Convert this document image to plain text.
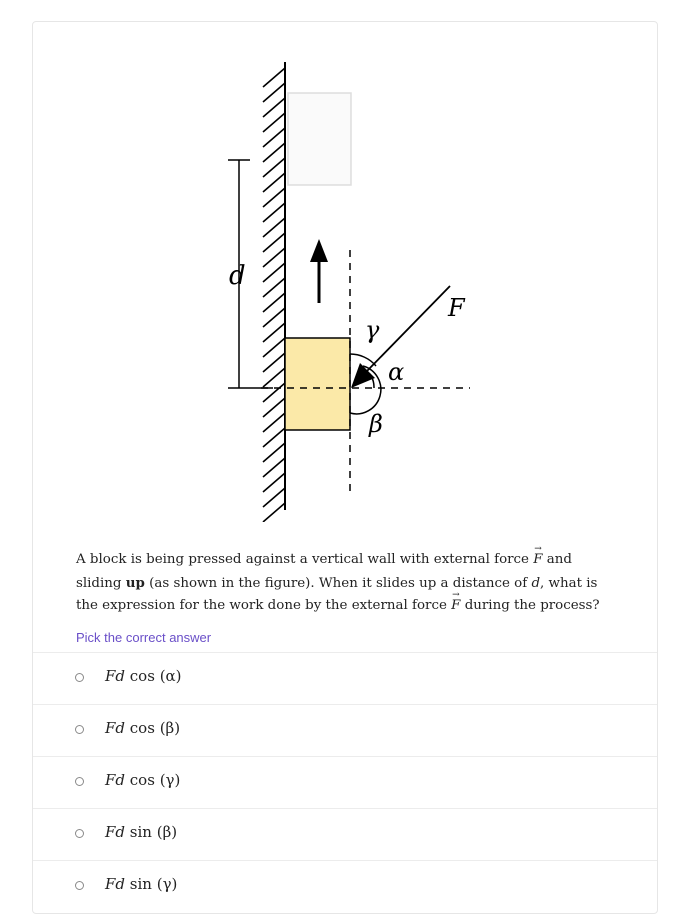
d
F
γ
α
β
A block is being pressed against a vertical wall with external force → F and sliding up (as shown in the figure). When it slides up a distance of d, what is the expression for the work done by the external force → F during the process?
Pick the correct answer
Fd cos (α)
Fd cos (β)
Fd cos (γ)
Fd sin (β)
Fd sin (γ)
